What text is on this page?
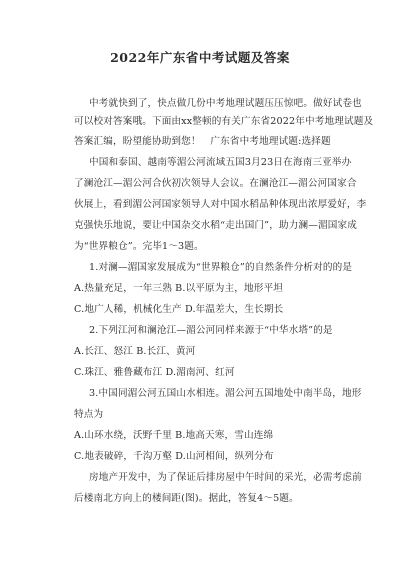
2022年广东省中考试题及答案
中考就快到了，快点做几份中考地理试题压压惊吧。做好试卷也
可以校对答案哦。下面由xx整顿的有关广东省2022年中考地理试题及
答案汇编，盼望能协助到您！　广东省中考地理试题:选择题
中国和泰国、越南等湄公河流域五国3月23日在海南三亚举办
了澜沧江—湄公河合伙初次领导人会议。在澜沧江—湄公河国家合
伙展上，看到湄公河国家领导人对中国水稻品种体现出浓厚爱好，李
克强快乐地说，要让中国杂交水稻“走出国门”，助力澜—湄国家成
为“世界粮仓”。完毕1～3题。
1.对澜—湄国家发展成为“世界粮仓”的自然条件分析对的的是
A.热量充足，一年三熟 B.以平原为主，地形平坦
C.地广人稀，机械化生产 D.年温差大，生长期长
2.下列江河和澜沧江—湄公河同样来源于“中华水塔”的是
A.长江、怒江 B.长江、黄河
C.珠江、雅鲁藏布江 D.湄南河、红河
3.中国同湄公河五国山水相连。湄公河五国地处中南半岛，地形
特点为
A.山环水绕，沃野千里 B.地高天寒，雪山连绵
C.地表破碎，千沟万壑 D.山河相间，纵列分布
房地产开发中，为了保证后排房屋中午时间的采光，必需考虑前
后楼南北方向上的楼间距(图)。据此，答复4～5题。
